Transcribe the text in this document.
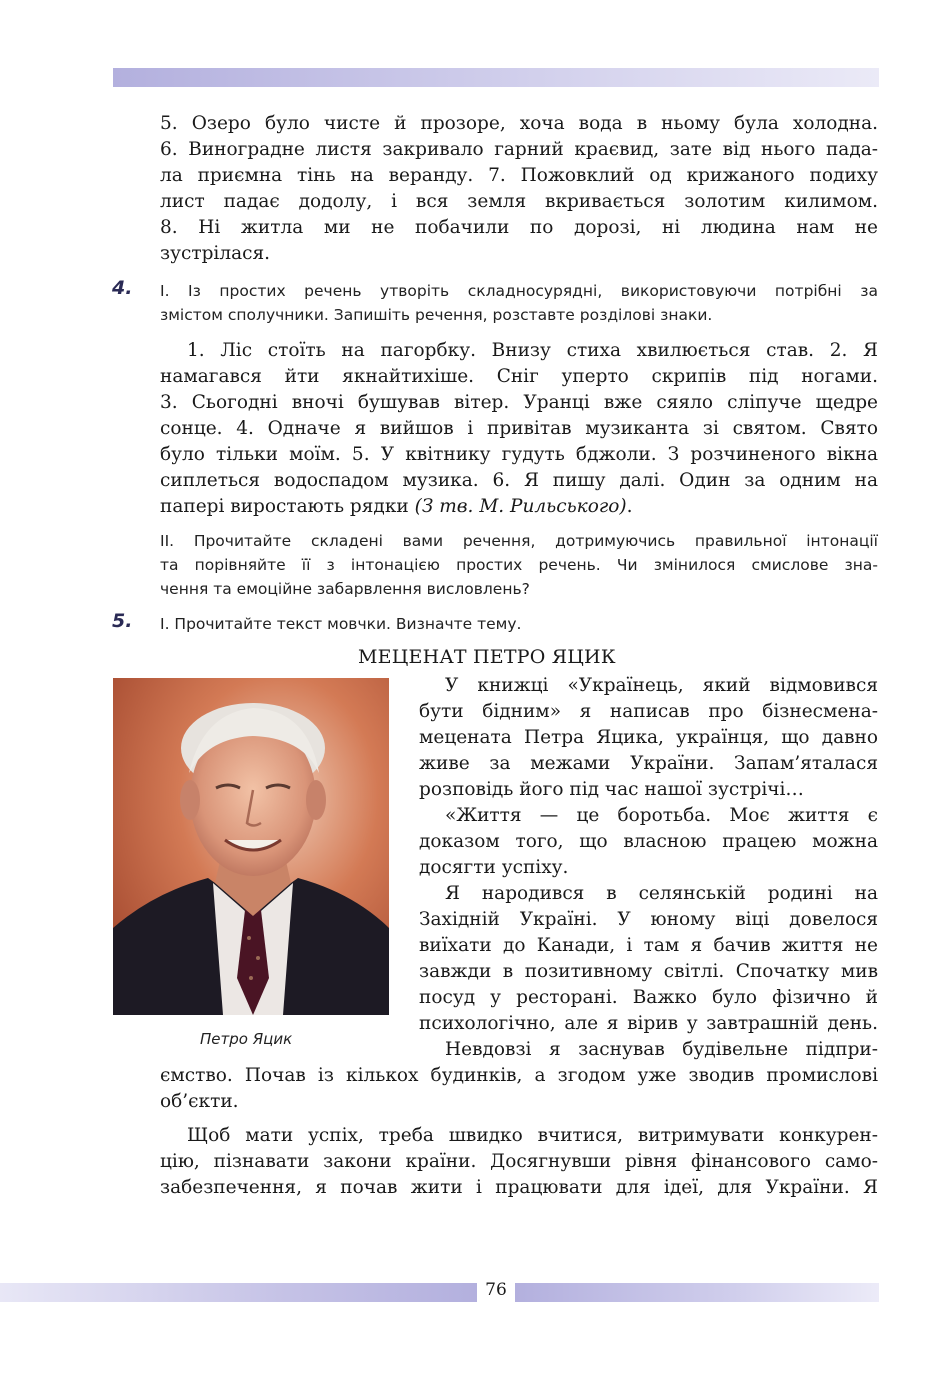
5. Озеро було чисте й прозоре, хоча вода в ньому була холодна.
6. Виноградне листя закривало гарний краєвид, зате від нього пада-
ла приємна тінь на веранду. 7. Пожовклий од крижаного подиху
лист падає додолу, і вся земля вкривається золотим килимом.
8. Ні житла ми не побачили по дорозі, ні людина нам не
зустрілася.
4. І. Із простих речень утворіть складносурядні, використовуючи потрібні за
змістом сполучники. Запишіть речення, розставте розділові знаки.
1. Ліс стоїть на пагорбку. Внизу стиха хвилюється став. 2. Я
намагався йти якнайтихіше. Сніг уперто скрипів під ногами.
3. Сьогодні вночі бушував вітер. Уранці вже сяяло сліпуче щедре
сонце. 4. Одначе я вийшов і привітав музиканта зі святом. Свято
було тільки моїм. 5. У квітнику гудуть бджоли. З розчиненого вікна
сиплеться водоспадом музика. 6. Я пишу далі. Один за одним на
папері виростають рядки (З тв. М. Рильського).
ІІ. Прочитайте складені вами речення, дотримуючись правильної інтонації
та порівняйте її з інтонацією простих речень. Чи змінилося смислове зна-
чення та емоційне забарвлення висловлень?
5. І. Прочитайте текст мовчки. Визначте тему.
МЕЦЕНАТ ПЕТРО ЯЦИК
Петро Яцик
У книжці «Українець, який відмовився
бути бідним» я написав про бізнесмена-
мецената Петра Яцика, українця, що давно
живе за межами України. Запам’яталася
розповідь його під час нашої зустрічі…
«Життя — це боротьба. Моє життя є
доказом того, що власною працею можна
досягти успіху.
Я народився в селянській родині на
Західній Україні. У юному віці довелося
виїхати до Канади, і там я бачив життя не
завжди в позитивному світлі. Спочатку мив
посуд у ресторані. Важко було фізично й
психологічно, але я вірив у завтрашній день.
Невдовзі я заснував будівельне підпри-
ємство. Почав із кількох будинків, а згодом уже зводив промислові
об’єкти.
Щоб мати успіх, треба швидко вчитися, витримувати конкурен-
цію, пізнавати закони країни. Досягнувши рівня фінансового само-
забезпечення, я почав жити і працювати для ідеї, для України. Я
76
